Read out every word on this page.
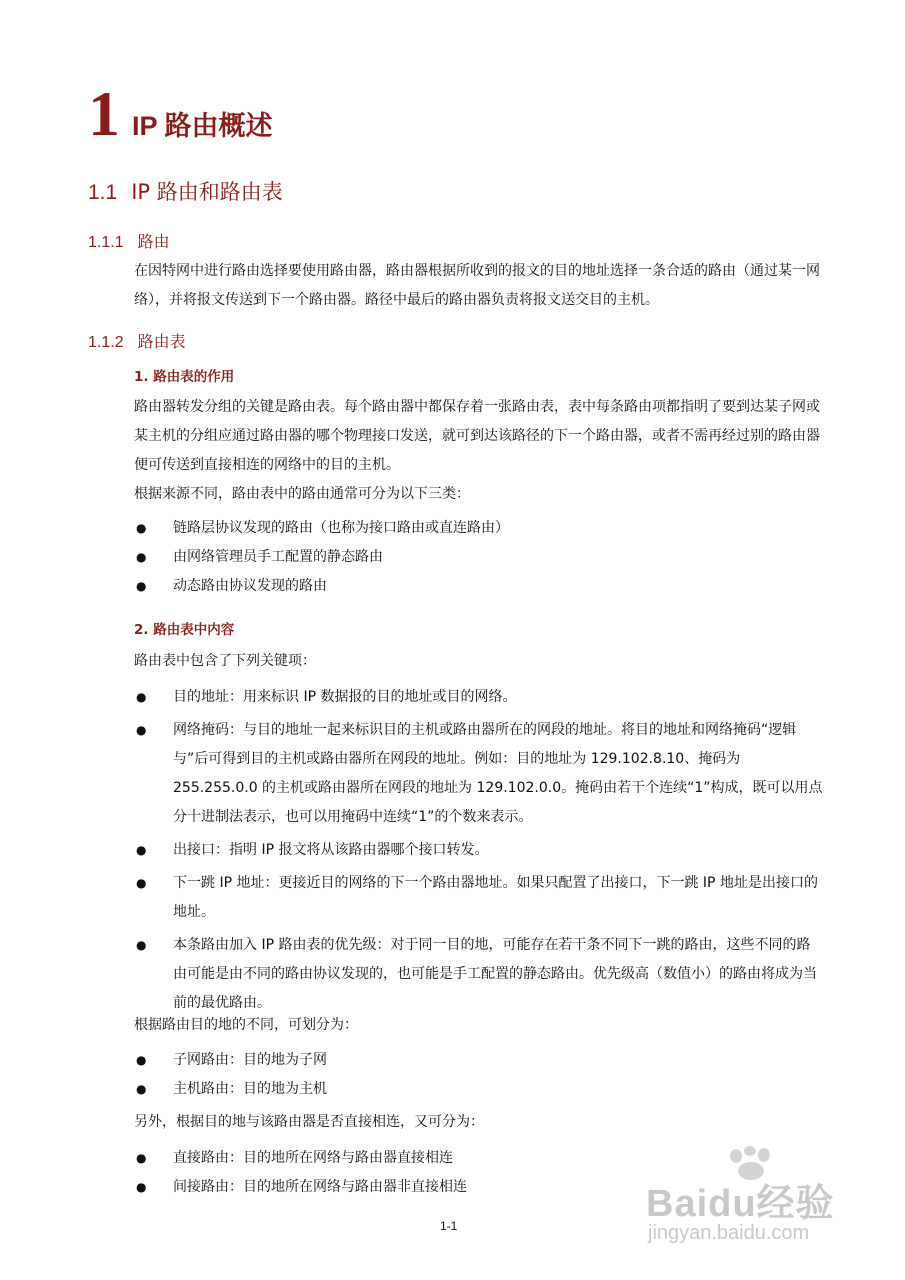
1 IP 路由概述
1.1 IP 路由和路由表
1.1.1 路由

在因特网中进行路由选择要使用路由器，路由器根据所收到的报文的目的地址选择一条合适的路由（通过某一网络），并将报文传送到下一个路由器。路径中最后的路由器负责将报文送交目的主机。

1.1.2 路由表
1. 路由表的作用

路由器转发分组的关键是路由表。每个路由器中都保存着一张路由表，表中每条路由项都指明了要到达某子网或某主机的分组应通过路由器的哪个物理接口发送，就可到达该路径的下一个路由器，或者不需再经过别的路由器便可传送到直接相连的网络中的目的主机。

根据来源不同，路由表中的路由通常可分为以下三类：

● 链路层协议发现的路由（也称为接口路由或直连路由）
● 由网络管理员手工配置的静态路由
● 动态路由协议发现的路由
2. 路由表中内容

路由表中包含了下列关键项：

● 目的地址：用来标识 IP 数据报的目的地址或目的网络。
● 网络掩码：与目的地址一起来标识目的主机或路由器所在的网段的地址。将目的地址和网络掩码“逻辑与”后可得到目的主机或路由器所在网段的地址。例如：目的地址为 129.102.8.10、掩码为 255.255.0.0 的主机或路由器所在网段的地址为 129.102.0.0。掩码由若干个连续“1”构成，既可以用点分十进制法表示，也可以用掩码中连续“1”的个数来表示。
● 出接口：指明 IP 报文将从该路由器哪个接口转发。
● 下一跳 IP 地址：更接近目的网络的下一个路由器地址。如果只配置了出接口，下一跳 IP 地址是出接口的地址。
● 本条路由加入 IP 路由表的优先级：对于同一目的地，可能存在若干条不同下一跳的路由，这些不同的路由可能是由不同的路由协议发现的，也可能是手工配置的静态路由。优先级高（数值小）的路由将成为当前的最优路由。

根据路由目的地的不同，可划分为：

● 子网路由：目的地为子网
● 主机路由：目的地为主机

另外，根据目的地与该路由器是否直接相连，又可分为：

● 直接路由：目的地所在网络与路由器直接相连
● 间接路由：目的地所在网络与路由器非直接相连
1-1
Baidu经验
jingyan.baidu.com
